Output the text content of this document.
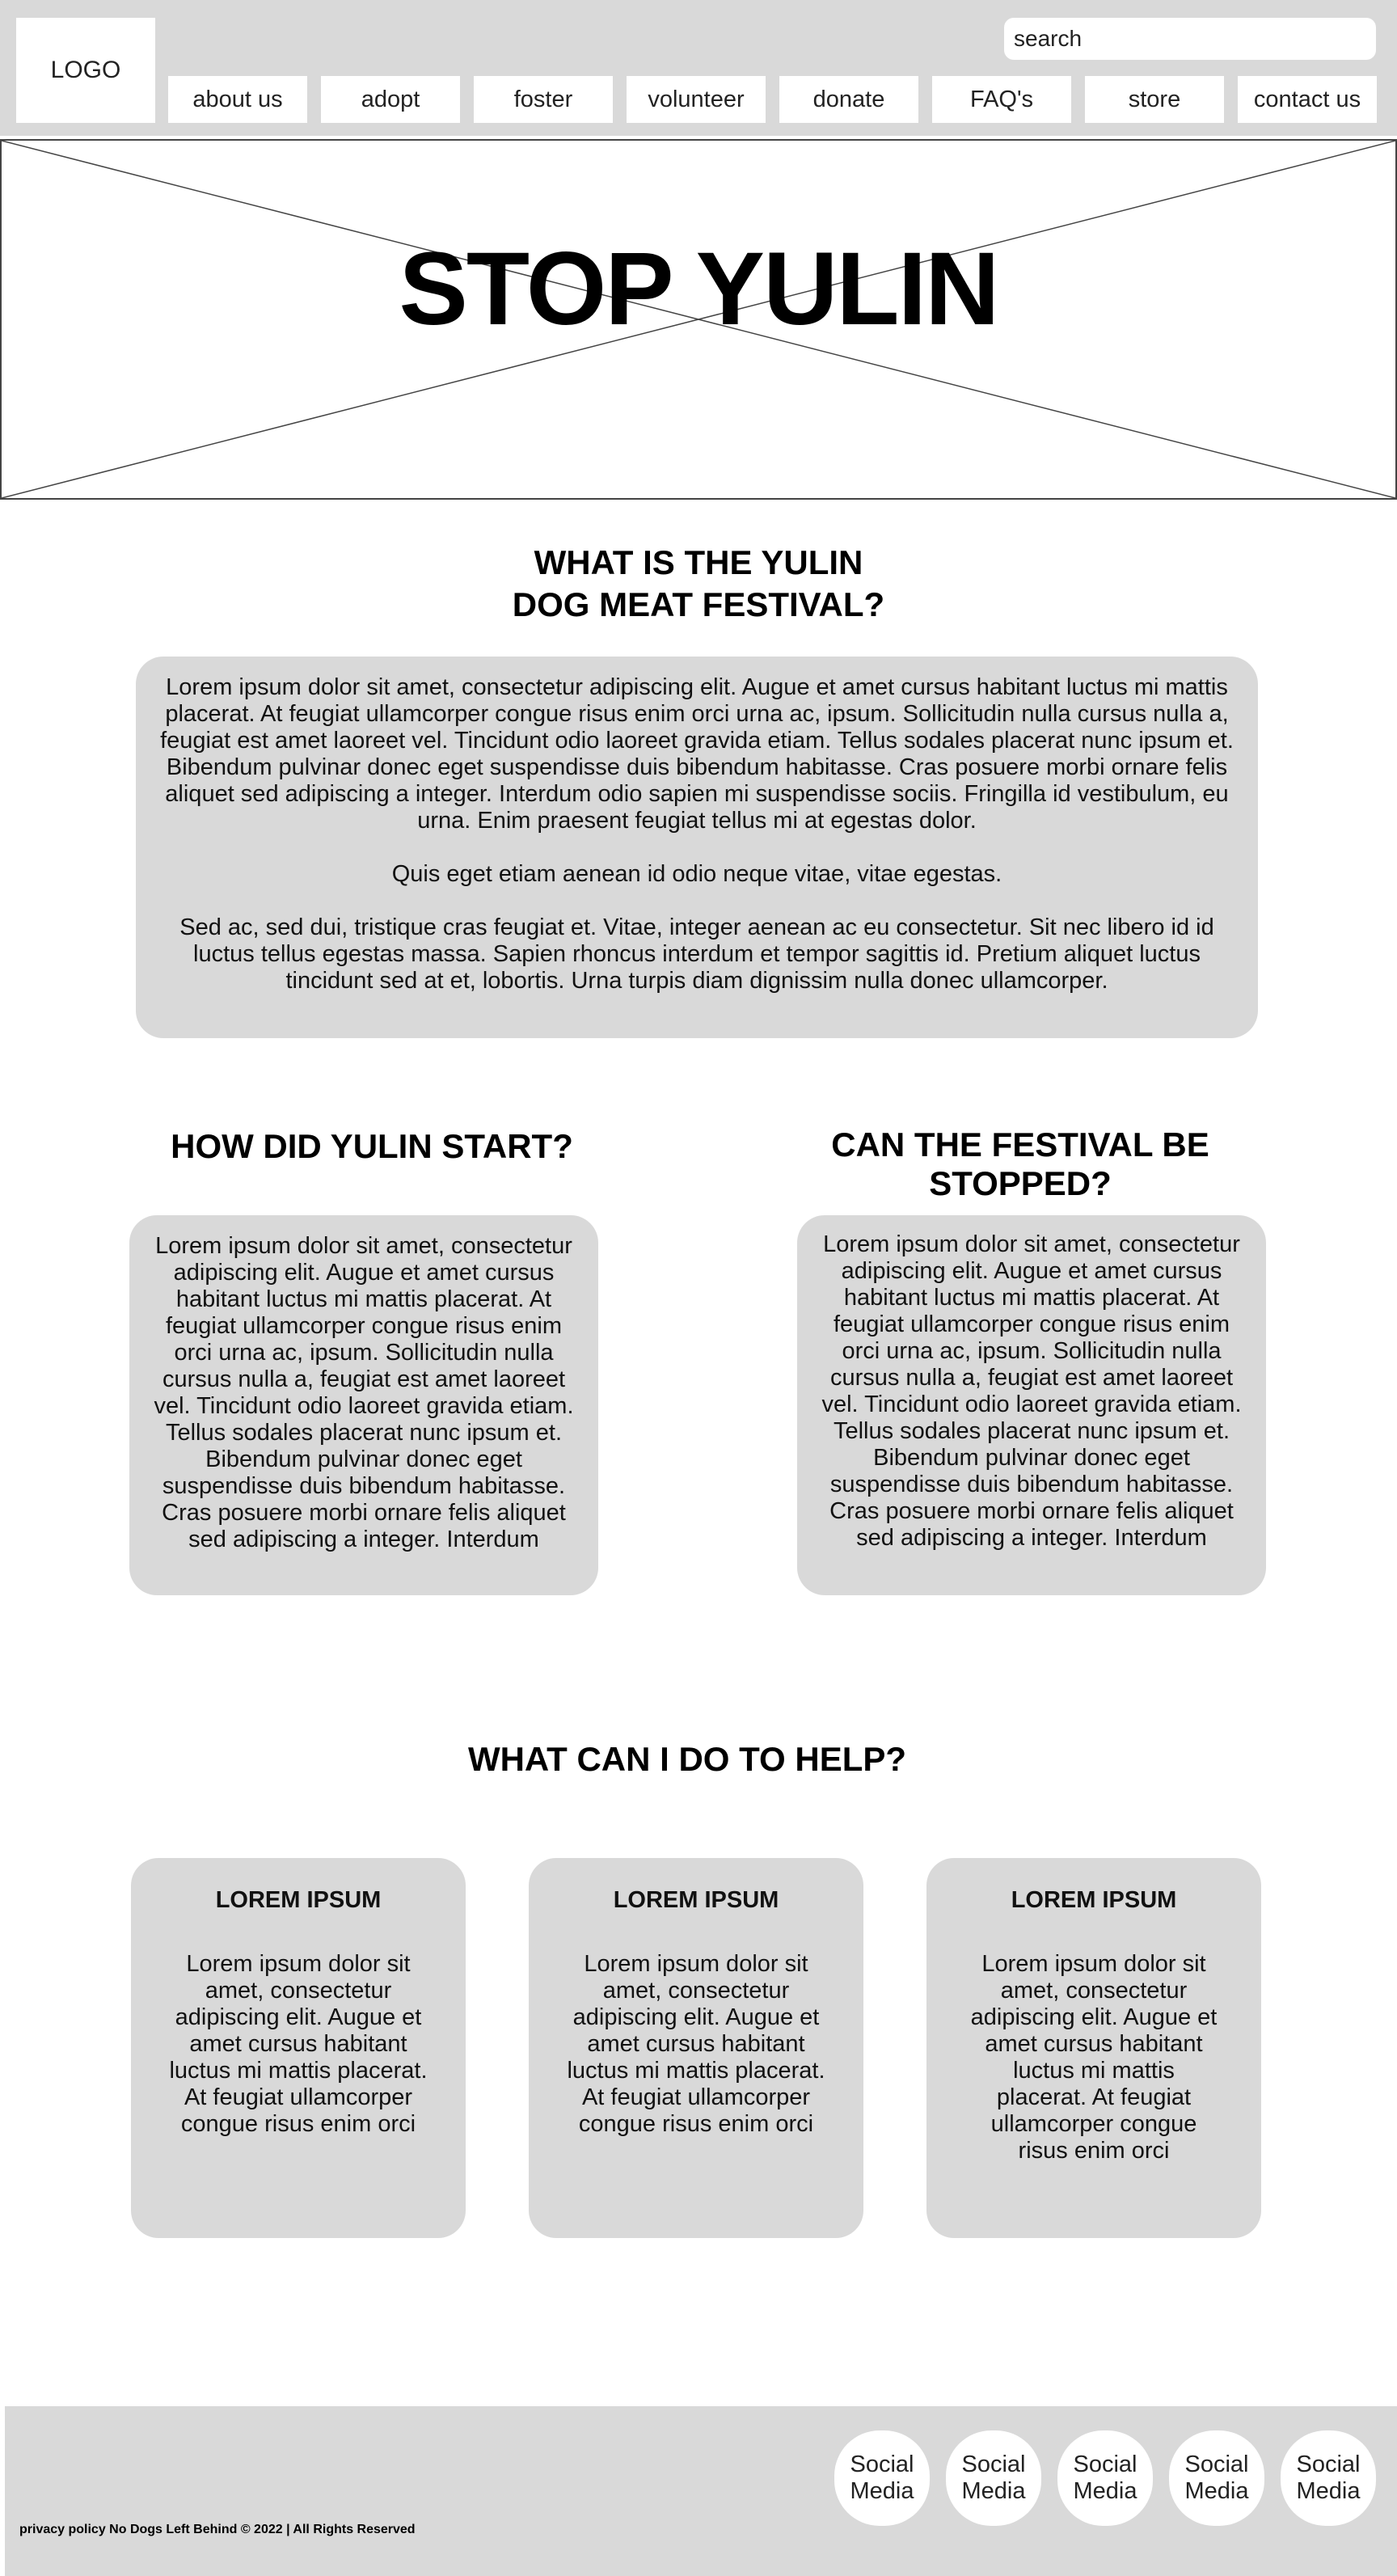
LOGO
search
about us	adopt	foster	volunteer	donate	FAQ's	store	contact us
STOP YULIN
WHAT IS THE YULIN
DOG MEAT FESTIVAL?

Lorem ipsum dolor sit amet, consectetur adipiscing elit. Augue et amet cursus habitant luctus mi mattis placerat. At feugiat ullamcorper congue risus enim orci urna ac, ipsum. Sollicitudin nulla cursus nulla a, feugiat est amet laoreet vel. Tincidunt odio laoreet gravida etiam. Tellus sodales placerat nunc ipsum et. Bibendum pulvinar donec eget suspendisse duis bibendum habitasse. Cras posuere morbi ornare felis aliquet sed adipiscing a integer. Interdum odio sapien mi suspendisse sociis. Fringilla id vestibulum, eu urna. Enim praesent feugiat tellus mi at egestas dolor.

Quis eget etiam aenean id odio neque vitae, vitae egestas.

Sed ac, sed dui, tristique cras feugiat et. Vitae, integer aenean ac eu consectetur. Sit nec libero id id luctus tellus egestas massa. Sapien rhoncus interdum et tempor sagittis id. Pretium aliquet luctus tincidunt sed at et, lobortis. Urna turpis diam dignissim nulla donec ullamcorper.

HOW DID YULIN START?

Lorem ipsum dolor sit amet, consectetur adipiscing elit. Augue et amet cursus habitant luctus mi mattis placerat. At feugiat ullamcorper congue risus enim orci urna ac, ipsum. Sollicitudin nulla cursus nulla a, feugiat est amet laoreet vel. Tincidunt odio laoreet gravida etiam. Tellus sodales placerat nunc ipsum et. Bibendum pulvinar donec eget suspendisse duis bibendum habitasse. Cras posuere morbi ornare felis aliquet sed adipiscing a integer. Interdum

CAN THE FESTIVAL BE
STOPPED?

Lorem ipsum dolor sit amet, consectetur adipiscing elit. Augue et amet cursus habitant luctus mi mattis placerat. At feugiat ullamcorper congue risus enim orci urna ac, ipsum. Sollicitudin nulla cursus nulla a, feugiat est amet laoreet vel. Tincidunt odio laoreet gravida etiam. Tellus sodales placerat nunc ipsum et. Bibendum pulvinar donec eget suspendisse duis bibendum habitasse. Cras posuere morbi ornare felis aliquet sed adipiscing a integer. Interdum

WHAT CAN I DO TO HELP?

LOREM IPSUM

Lorem ipsum dolor sit amet, consectetur adipiscing elit. Augue et amet cursus habitant luctus mi mattis placerat. At feugiat ullamcorper congue risus enim orci

LOREM IPSUM

Lorem ipsum dolor sit amet, consectetur adipiscing elit. Augue et amet cursus habitant luctus mi mattis placerat. At feugiat ullamcorper congue risus enim orci

LOREM IPSUM

Lorem ipsum dolor sit amet, consectetur adipiscing elit. Augue et amet cursus habitant luctus mi mattis placerat. At feugiat ullamcorper congue risus enim orci

Social
Media
Social
Media
Social
Media
Social
Media
Social
Media
privacy policy No Dogs Left Behind © 2022 | All Rights Reserved
